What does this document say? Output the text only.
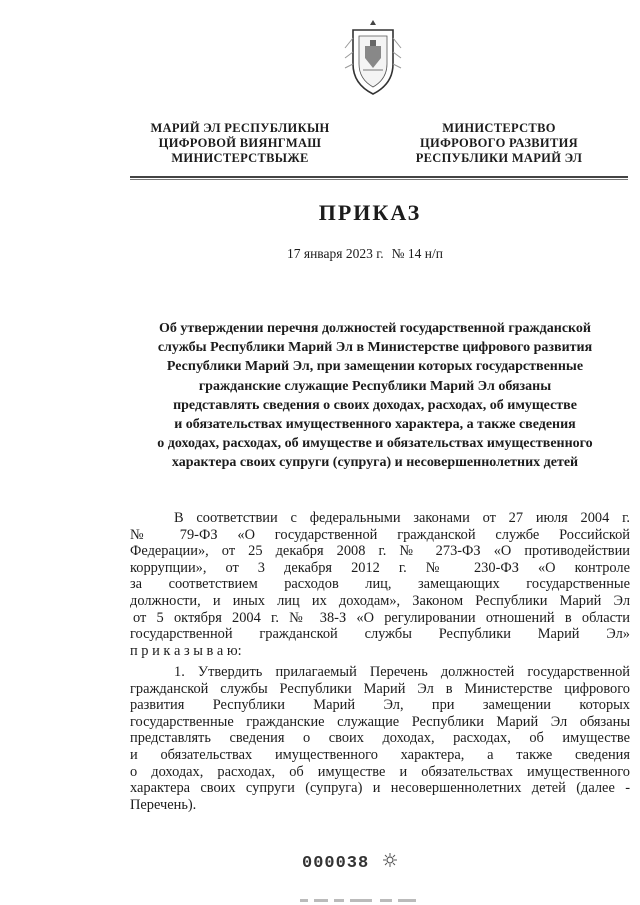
МАРИЙ ЭЛ РЕСПУБЛИКЫН
ЦИФРОВОЙ ВИЯНГМАШ
МИНИСТЕРСТВЫЖЕ
МИНИСТЕРСТВО
ЦИФРОВОГО РАЗВИТИЯ
РЕСПУБЛИКИ МАРИЙ ЭЛ
ПРИКАЗ
17 января 2023 г. № 14 н/п
Об утверждении перечня должностей государственной гражданской
службы Республики Марий Эл в Министерстве цифрового развития
Республики Марий Эл, при замещении которых государственные
гражданские служащие Республики Марий Эл обязаны
представлять сведения о своих доходах, расходах, об имуществе
и обязательствах имущественного характера, а также сведения
о доходах, расходах, об имуществе и обязательствах имущественного
характера своих супруги (супруга) и несовершеннолетних детей
В соответствии с федеральными законами от 27 июля 2004 г.
№ 79-ФЗ «О государственной гражданской службе Российской
Федерации», от 25 декабря 2008 г. № 273-ФЗ «О противодействии
коррупции», от 3 декабря 2012 г. № 230-ФЗ «О контроле
за соответствием расходов лиц, замещающих государственные
должности, и иных лиц их доходам», Законом Республики Марий Эл
от 5 октября 2004 г. № 38-З «О регулировании отношений в области
государственной гражданской службы Республики Марий Эл»
п р и к а з ы в а ю:
1. Утвердить прилагаемый Перечень должностей государственной
гражданской службы Республики Марий Эл в Министерстве цифрового
развития Республики Марий Эл, при замещении которых
государственные гражданские служащие Республики Марий Эл обязаны
представлять сведения о своих доходах, расходах, об имуществе
и обязательствах имущественного характера, а также сведения
о доходах, расходах, об имуществе и обязательствах имущественного
характера своих супруги (супруга) и несовершеннолетних детей (далее -
Перечень).
000038
